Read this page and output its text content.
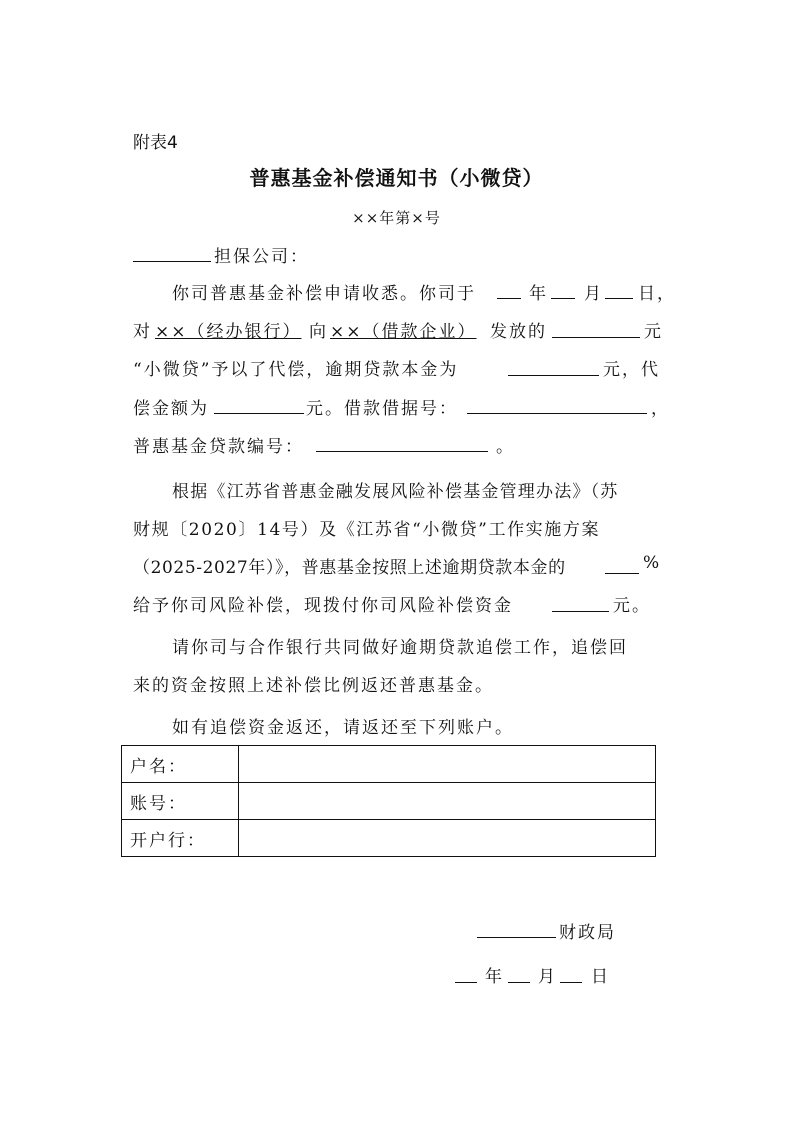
附表4
普惠基金补偿通知书（小微贷）
××年第×号
担保公司：
你司普惠基金补偿申请收悉。你司于	年 月 日，
对 ××（经办银行） 向 ××（借款企业） 发放的	元
“小微贷”予以了代偿，逾期贷款本金为	元，代
偿金额为	元。借款借据号：	，
普惠基金贷款编号：	。
根据《江苏省普惠金融发展风险补偿基金管理办法》（苏
财规〔2020〕14号）及《江苏省“小微贷”工作实施方案
（2025-2027年）》，普惠基金按照上述逾期贷款本金的	%
给予你司风险补偿，现拨付你司风险补偿资金	元。
请你司与合作银行共同做好逾期贷款追偿工作，追偿回
来的资金按照上述补偿比例返还普惠基金。
如有追偿资金返还，请返还至下列账户。
户名：	
账号：	
开户行：	
财政局
年 月 日
